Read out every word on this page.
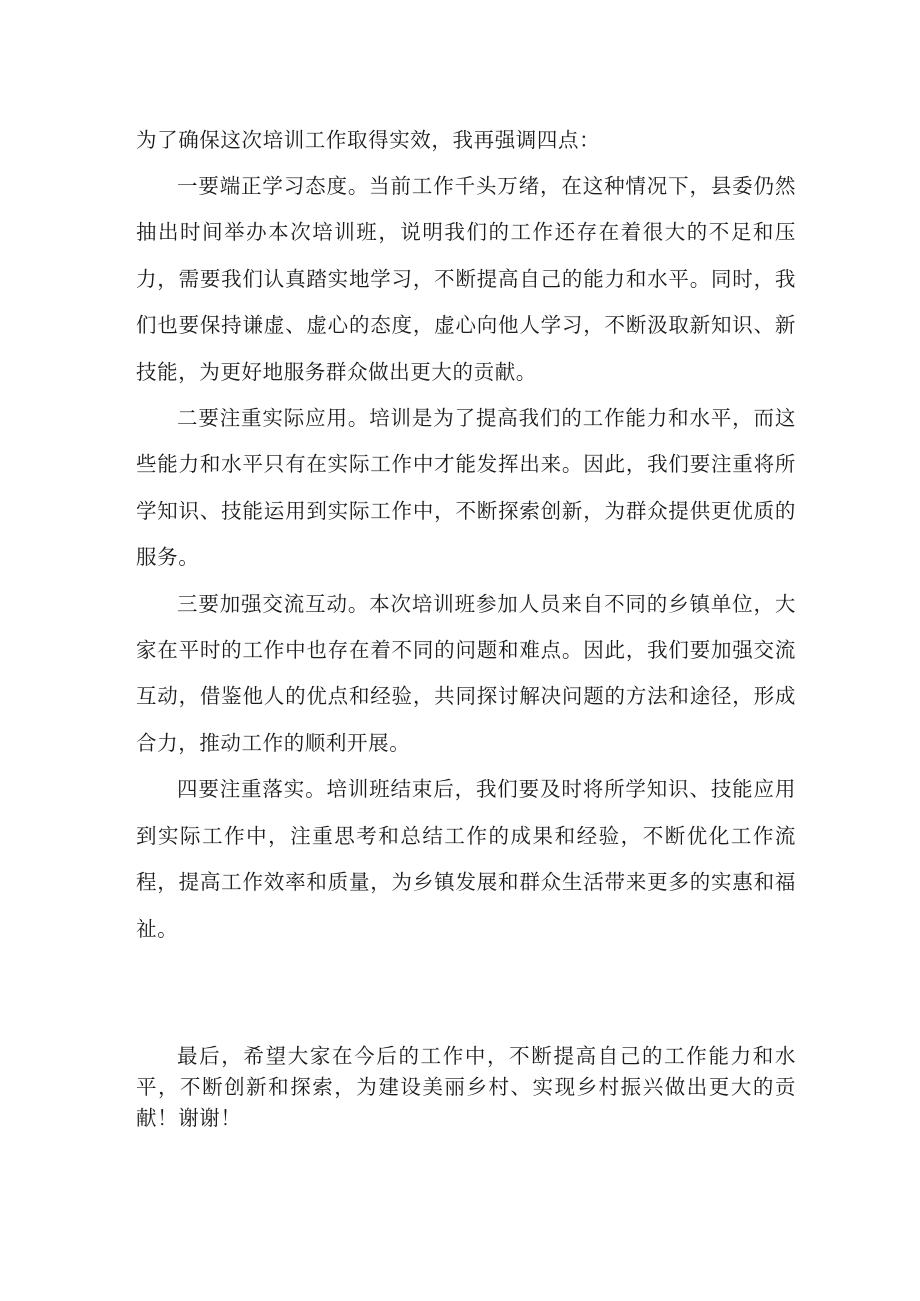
为了确保这次培训工作取得实效，我再强调四点：

一要端正学习态度。当前工作千头万绪，在这种情况下，县委仍然抽出时间举办本次培训班，说明我们的工作还存在着很大的不足和压力，需要我们认真踏实地学习，不断提高自己的能力和水平。同时，我们也要保持谦虚、虚心的态度，虚心向他人学习，不断汲取新知识、新技能，为更好地服务群众做出更大的贡献。

二要注重实际应用。培训是为了提高我们的工作能力和水平，而这些能力和水平只有在实际工作中才能发挥出来。因此，我们要注重将所学知识、技能运用到实际工作中，不断探索创新，为群众提供更优质的服务。

三要加强交流互动。本次培训班参加人员来自不同的乡镇单位，大家在平时的工作中也存在着不同的问题和难点。因此，我们要加强交流互动，借鉴他人的优点和经验，共同探讨解决问题的方法和途径，形成合力，推动工作的顺利开展。

四要注重落实。培训班结束后，我们要及时将所学知识、技能应用到实际工作中，注重思考和总结工作的成果和经验，不断优化工作流程，提高工作效率和质量，为乡镇发展和群众生活带来更多的实惠和福祉。

最后，希望大家在今后的工作中，不断提高自己的工作能力和水平，不断创新和探索，为建设美丽乡村、实现乡村振兴做出更大的贡献！谢谢！
